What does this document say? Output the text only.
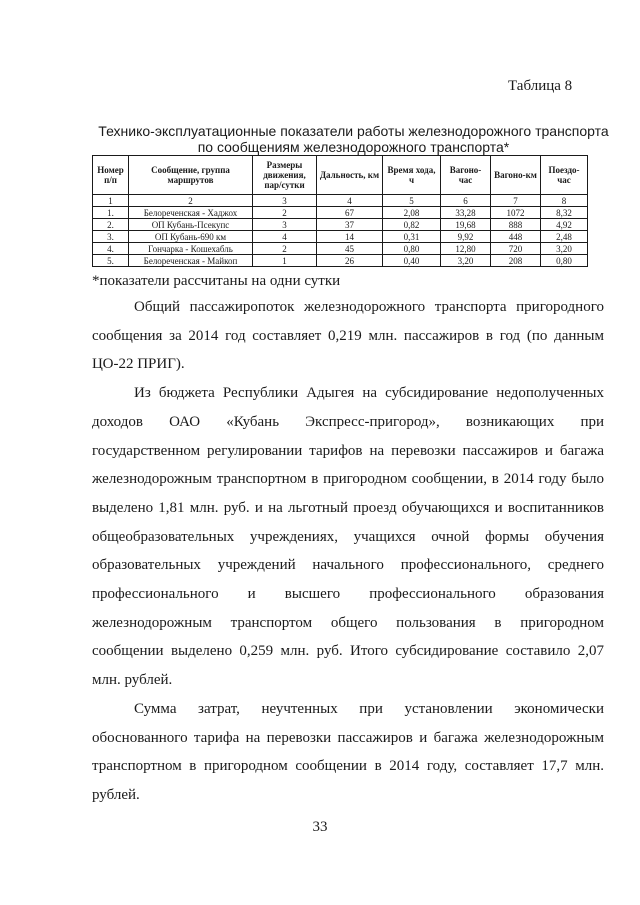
Таблица 8
Технико-эксплуатационные показатели работы железнодорожного транспорта по сообщениям железнодорожного транспорта*
Номер п/п	Сообщение, группа маршрутов	Размеры движения, пар/сутки	Дальность, км	Время хода, ч	Вагоно-час	Вагоно-км	Поездо-час
1	2	3	4	5	6	7	8
1.	Белореченская - Хаджох	2	67	2,08	33,28	1072	8,32
2.	ОП Кубань-Псекупс	3	37	0,82	19,68	888	4,92
3.	ОП Кубань-690 км	4	14	0,31	9,92	448	2,48
4.	Гончарка - Кошехабль	2	45	0,80	12,80	720	3,20
5.	Белореченская - Майкоп	1	26	0,40	3,20	208	0,80
*показатели рассчитаны на одни сутки

Общий пассажиропоток железнодорожного транспорта пригородного сообщения за 2014 год составляет 0,219 млн. пассажиров в год (по данным ЦО-22 ПРИГ).

Из бюджета Республики Адыгея на субсидирование недополученных доходов ОАО «Кубань Экспресс-пригород», возникающих при государственном регулировании тарифов на перевозки пассажиров и багажа железнодорожным транспортном в пригородном сообщении, в 2014 году было выделено 1,81 млн. руб. и на льготный проезд обучающихся и воспитанников общеобразовательных учреждениях, учащихся очной формы обучения образовательных учреждений начального профессионального, среднего профессионального и высшего профессионального образования железнодорожным транспортом общего пользования в пригородном сообщении выделено 0,259 млн. руб. Итого субсидирование составило 2,07 млн. рублей.

Сумма затрат, неучтенных при установлении экономически обоснованного тарифа на перевозки пассажиров и багажа железнодорожным транспортном в пригородном сообщении в 2014 году, составляет 17,7 млн. рублей.

33
